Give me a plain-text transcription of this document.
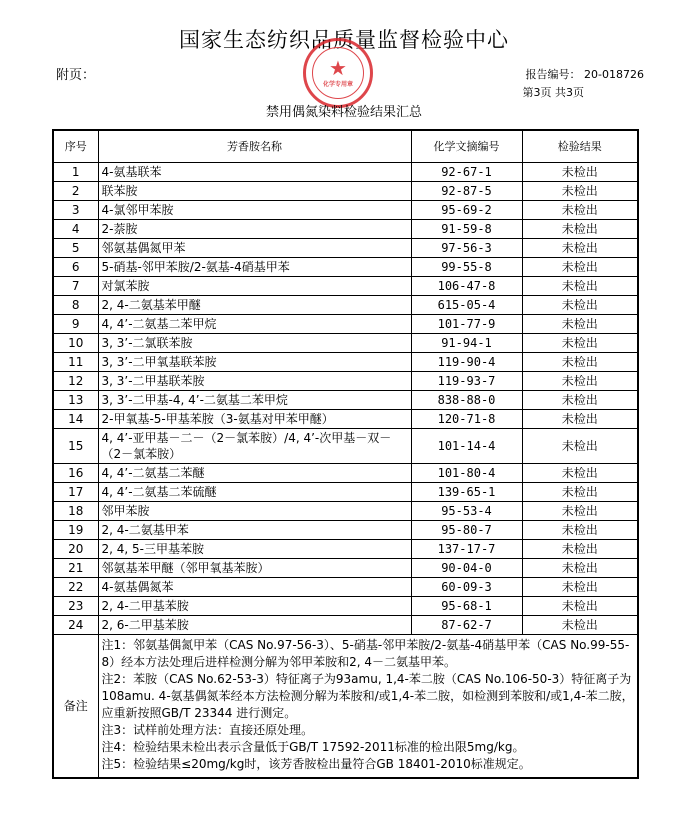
国家生态纺织品质量监督检验中心
★
化学专用章
附页：	报告编号： 20-018726
第3页 共3页
禁用偶氮染料检验结果汇总
序号	芳香胺名称	化学文摘编号	检验结果
1	4-氨基联苯	92-67-1	未检出
2	联苯胺	92-87-5	未检出
3	4-氯邻甲苯胺	95-69-2	未检出
4	2-萘胺	91-59-8	未检出
5	邻氨基偶氮甲苯	97-56-3	未检出
6	5-硝基-邻甲苯胺/2-氨基-4硝基甲苯	99-55-8	未检出
7	对氯苯胺	106-47-8	未检出
8	2, 4-二氨基苯甲醚	615-05-4	未检出
9	4, 4’-二氨基二苯甲烷	101-77-9	未检出
10	3, 3’-二氯联苯胺	91-94-1	未检出
11	3, 3’-二甲氧基联苯胺	119-90-4	未检出
12	3, 3’-二甲基联苯胺	119-93-7	未检出
13	3, 3’-二甲基-4, 4’-二氨基二苯甲烷	838-88-0	未检出
14	2-甲氧基-5-甲基苯胺（3-氨基对甲苯甲醚）	120-71-8	未检出
15	4, 4’-亚甲基－二－（2－氯苯胺）/4, 4’-次甲基－双－（2－氯苯胺）	101-14-4	未检出
16	4, 4’-二氨基二苯醚	101-80-4	未检出
17	4, 4’-二氨基二苯硫醚	139-65-1	未检出
18	邻甲苯胺	95-53-4	未检出
19	2, 4-二氨基甲苯	95-80-7	未检出
20	2, 4, 5-三甲基苯胺	137-17-7	未检出
21	邻氨基苯甲醚（邻甲氧基苯胺）	90-04-0	未检出
22	4-氨基偶氮苯	60-09-3	未检出
23	2, 4-二甲基苯胺	95-68-1	未检出
24	2, 6-二甲基苯胺	87-62-7	未检出
备注	注1：邻氨基偶氮甲苯（CAS No.97-56-3）、5-硝基-邻甲苯胺/2-氨基-4硝基甲苯（CAS No.99-55-8）经本方法处理后进样检测分解为邻甲苯胺和2, 4－二氨基甲苯。
注2：苯胺（CAS No.62-53-3）特征离子为93amu, 1,4-苯二胺（CAS No.106-50-3）特征离子为108amu. 4-氨基偶氮苯经本方法检测分解为苯胺和/或1,4-苯二胺，如检测到苯胺和/或1,4-苯二胺，应重新按照GB/T 23344 进行测定。
注3：试样前处理方法：直接还原处理。
注4：检验结果未检出表示含量低于GB/T 17592-2011标准的检出限5mg/kg。
注5：检验结果≤20mg/kg时，该芳香胺检出量符合GB 18401-2010标准规定。		
